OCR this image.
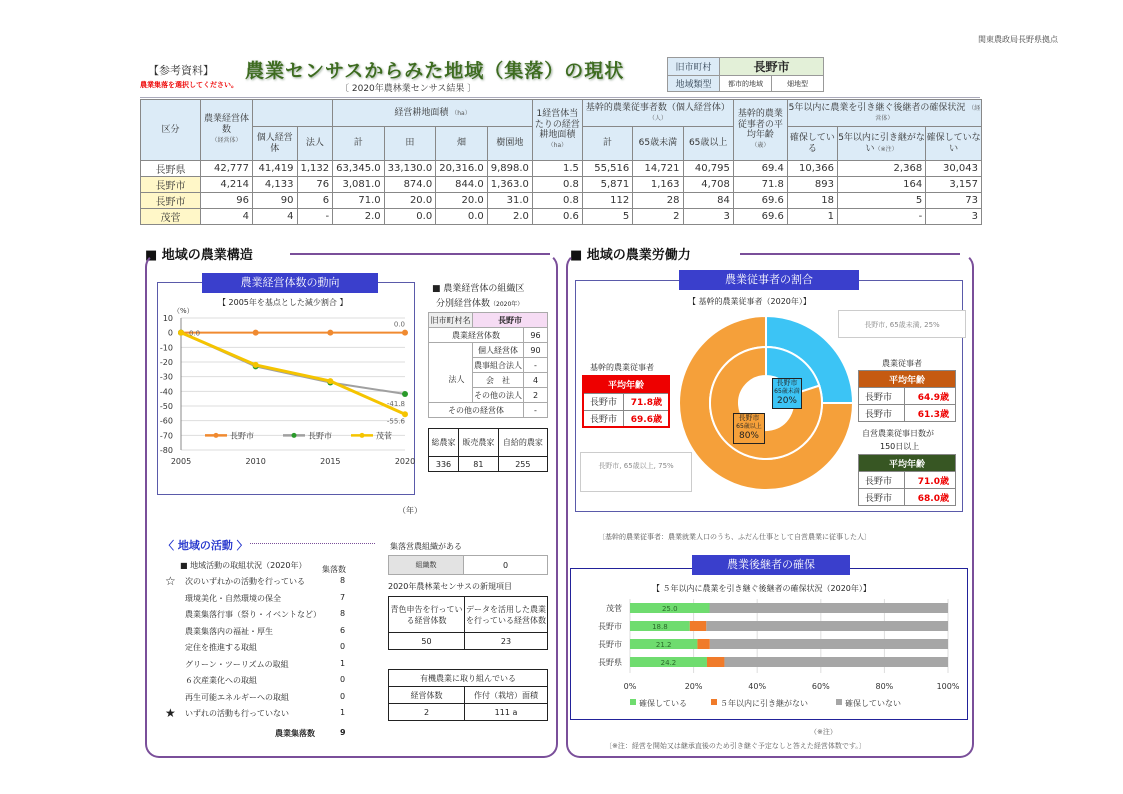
関東農政局長野県拠点
【参考資料】
農業集落を選択してください。
農業センサスからみた地域（集落）の現状
〔 2020年農林業センサス結果 〕
旧市町村	長野市	
地域類型	都市的地域	畑地型
区分	農業経営体数
（経営体）			経営耕地面積 （ha）				1経営体当たりの経営耕地面積
（ha）	基幹的農業従事者数（個人経営体） （人）			基幹的農業従事者の平均年齢
（歳）	5年以内に農業を引き継ぐ後継者の確保状況 （経営体）		
		個人経営体	法人	計	田	畑	樹園地		計	65歳未満	65歳以上		確保している	5年以内に引き継がない（※注）	確保していない
長野県	42,777	41,419	1,132	63,345.0	33,130.0	20,316.0	9,898.0	1.5	55,516	14,721	40,795	69.4	10,366	2,368	30,043
長野市	4,214	4,133	76	3,081.0	874.0	844.0	1,363.0	0.8	5,871	1,163	4,708	71.8	893	164	3,157
長野市	96	90	6	71.0	20.0	20.0	31.0	0.8	112	28	84	69.6	18	5	73
茂菅	4	4	-	2.0	0.0	0.0	2.0	0.6	5	2	3	69.6	1	-	3
■ 地域の農業構造
農業経営体数の動向
【 2005年を基点とした減少割合 】
（%）
10
0
-10
-20
-30
-40
-50
-60
-70
-80
2005	2010	2015	2020
0.0
0.0
-41.8
-55.6
長野市	長野市	茂菅
（年）
■ 農業経営体の組織区
分別経営体数（2020年）
旧市町村名	長野市	
農業経営体数		96
	個人経営体	90
法人	農事組合法人	-
	会　社	4
	その他の法人	2
その他の経営体		-
総農家	販売農家	自給的農家
336	81	255
〈 地域の活動 〉
■ 地域活動の取組状況（2020年） 集落数
☆ 次のいずれかの活動を行っている	8
環境美化・自然環境の保全	7
農業集落行事（祭り・イベントなど） 8
農業集落内の福祉・厚生	6
定住を推進する取組	0
グリーン・ツーリズムの取組	1
６次産業化への取組	0
再生可能エネルギーへの取組	0
★ いずれの活動も行っていない	1
農業集落数	9
集落営農組織がある
組織数	0
2020年農林業センサスの新規項目
青色申告を行っている経営体数	データを活用した農業を行っている経営体数
50	23
有機農業に取り組んでいる	
経営体数	作付（栽培）面積
2	111 a
■ 地域の農業労働力
農業従事者の割合
【 基幹的農業従事者（2020年）】
長野市, 65歳未満, 25%
長野市, 65歳以上, 75%
長野市
65歳未満
20%
長野市
65歳以上
80%
基幹的農業従事者
平均年齢	
長野市	71.8歳
長野市	69.6歳
農業従事者
平均年齢	
長野市	64.9歳
長野市	61.3歳
自営農業従事日数が
150日以上
平均年齢	
長野市	71.0歳
長野市	68.0歳
〔基幹的農業従事者：農業就業人口のうち、ふだん仕事として自営農業に従事した人〕
農業後継者の確保
【 ５年以内に農業を引き継ぐ後継者の確保状況（2020年）】
0%	20%	40%	60%	80%	100%
茂菅	25.0
長野市	18.8
長野市	21.2
長野県	24.2
確保している	５年以内に引き継がない	確保していない
（※注）
〔※注：経営を開始又は継承直後のため引き継ぐ予定なしと答えた経営体数です。〕
